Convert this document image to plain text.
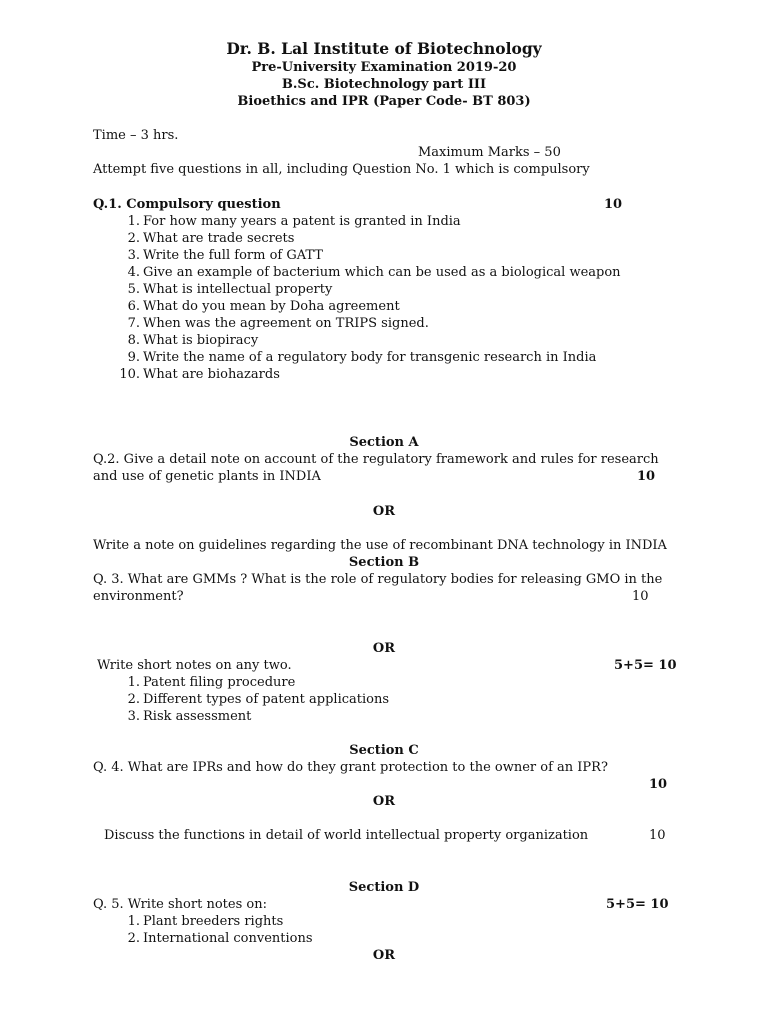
Dr. B. Lal Institute of Biotechnology
Pre-University Examination 2019-20
B.Sc. Biotechnology part III
Bioethics and IPR (Paper Code- BT 803)
Time – 3 hrs.
Maximum Marks – 50
Attempt five questions in all, including Question No. 1 which is compulsory
Q.1. Compulsory question	10
1. For how many years a patent is granted in India
2. What are trade secrets
3. Write the full form of GATT
4. Give an example of bacterium which can be used as a biological weapon
5. What is intellectual property
6. What do you mean by Doha agreement
7. When was the agreement on TRIPS signed.
8. What is biopiracy
9. Write the name of a regulatory body for transgenic research in India
10. What are biohazards
Section A
Q.2. Give a detail note on account of the regulatory framework and rules for research
and use of genetic plants in INDIA	10
OR
Write a note on guidelines regarding the use of recombinant DNA technology in INDIA
Section B
Q. 3. What are GMMs ? What is the role of regulatory bodies for releasing GMO in the
environment?	10
OR
Write short notes on any two.	5+5= 10
1. Patent filing procedure
2. Different types of patent applications
3. Risk assessment
Section C
Q. 4. What are IPRs and how do they grant protection to the owner of an IPR?
10
OR
Discuss the functions in detail of world intellectual property organization	10
Section D
Q. 5. Write short notes on:	5+5= 10
1. Plant breeders rights
2. International conventions
OR
